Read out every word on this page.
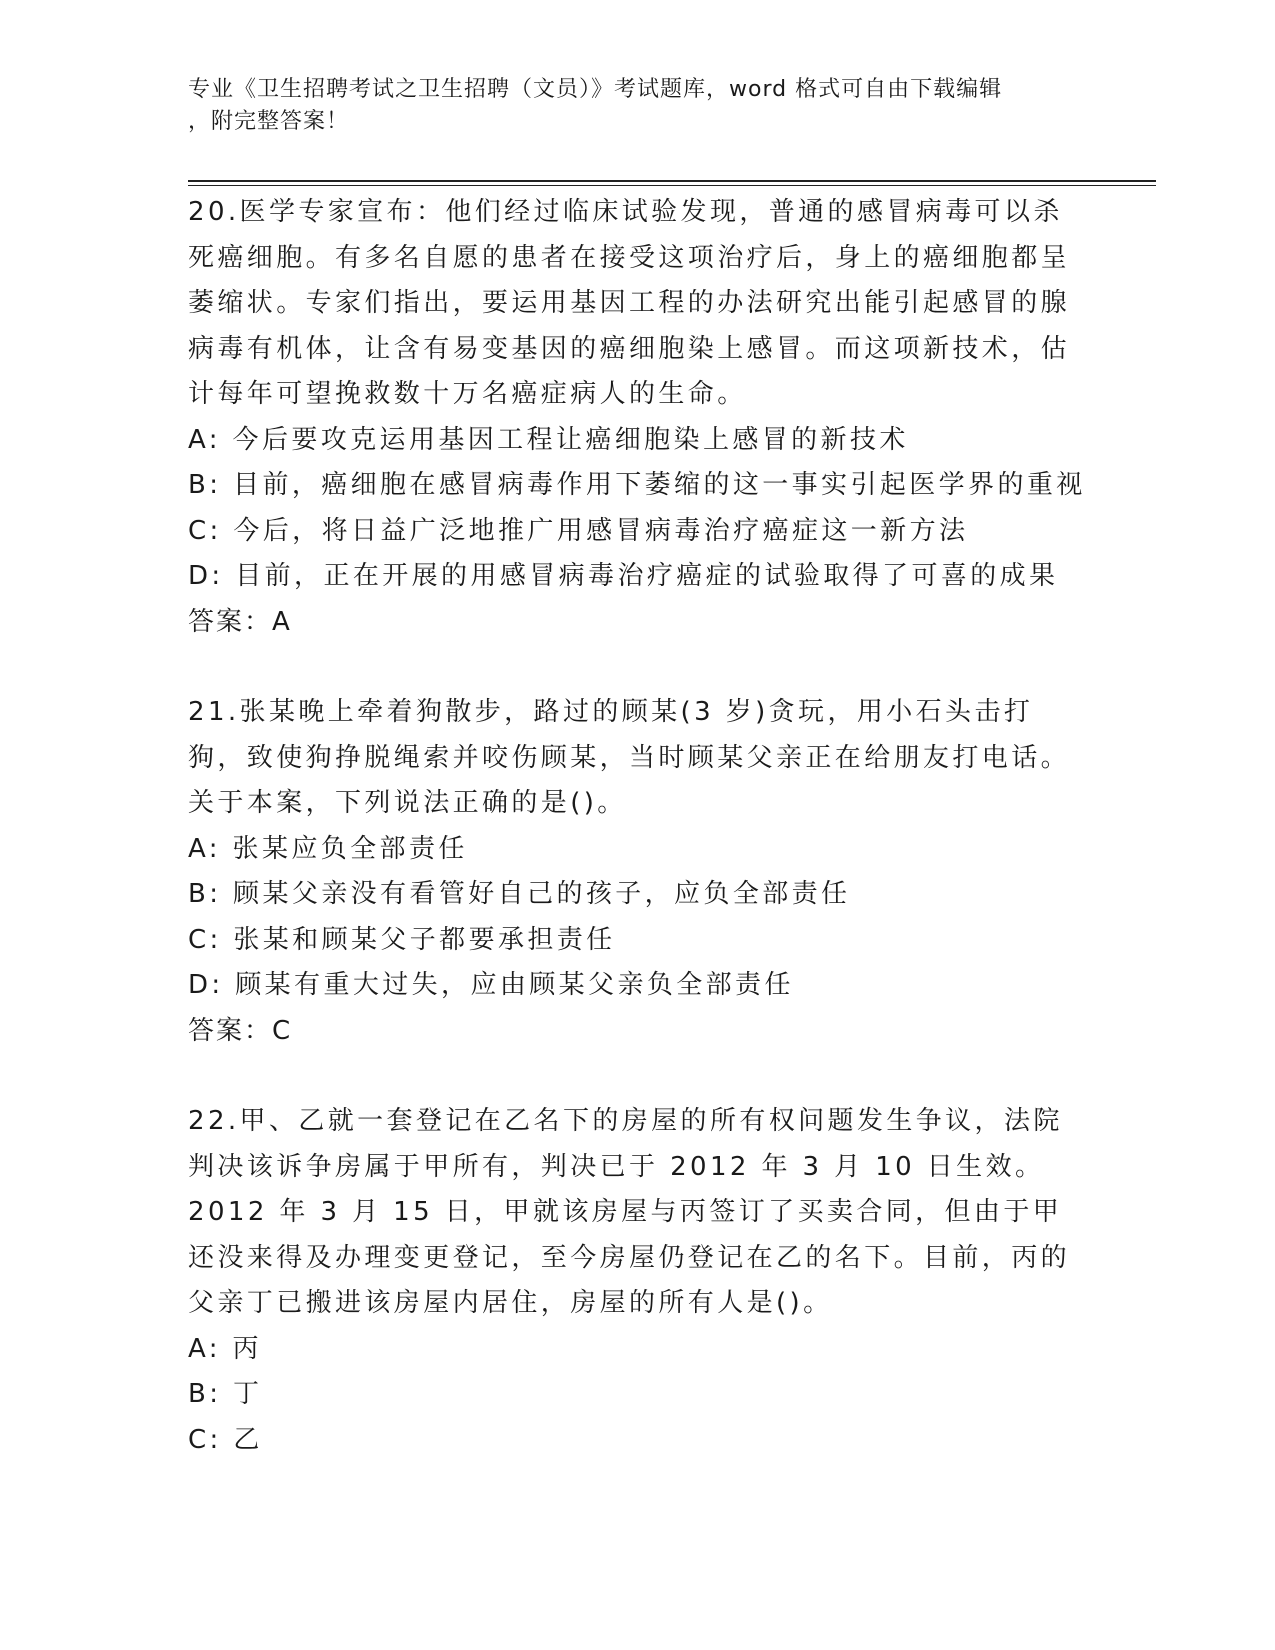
专业《卫生招聘考试之卫生招聘（文员）》考试题库，word 格式可自由下载编辑
，附完整答案！

20.医学专家宣布：他们经过临床试验发现，普通的感冒病毒可以杀死癌细胞。有多名自愿的患者在接受这项治疗后，身上的癌细胞都呈萎缩状。专家们指出，要运用基因工程的办法研究出能引起感冒的腺病毒有机体，让含有易变基因的癌细胞染上感冒。而这项新技术，估计每年可望挽救数十万名癌症病人的生命。

A: 今后要攻克运用基因工程让癌细胞染上感冒的新技术

B: 目前，癌细胞在感冒病毒作用下萎缩的这一事实引起医学界的重视

C: 今后，将日益广泛地推广用感冒病毒治疗癌症这一新方法

D: 目前，正在开展的用感冒病毒治疗癌症的试验取得了可喜的成果

答案：A

21.张某晚上牵着狗散步，路过的顾某(3 岁)贪玩，用小石头击打狗，致使狗挣脱绳索并咬伤顾某，当时顾某父亲正在给朋友打电话。关于本案，下列说法正确的是()。

A: 张某应负全部责任

B: 顾某父亲没有看管好自己的孩子，应负全部责任

C: 张某和顾某父子都要承担责任

D: 顾某有重大过失，应由顾某父亲负全部责任

答案：C

22.甲、乙就一套登记在乙名下的房屋的所有权问题发生争议，法院判决该诉争房属于甲所有，判决已于 2012 年 3 月 10 日生效。2012 年 3 月 15 日，甲就该房屋与丙签订了买卖合同，但由于甲还没来得及办理变更登记，至今房屋仍登记在乙的名下。目前，丙的父亲丁已搬进该房屋内居住，房屋的所有人是()。

A: 丙

B: 丁

C: 乙
